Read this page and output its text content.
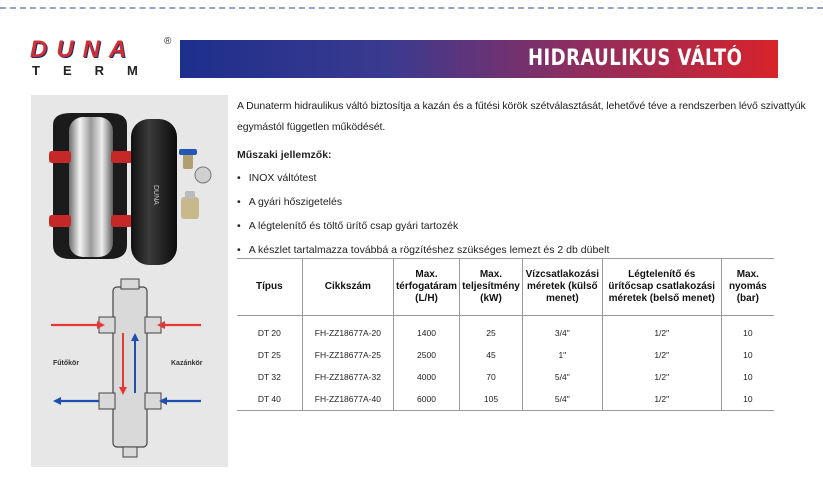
DUNA	®
TERM	HIDRAULIKUS VÁLTÓ
DUNA
Fűtőkör	Kazánkör

A Dunaterm hidraulikus váltó biztosítja a kazán és a fűtési körök szétválasztását, lehetővé téve a rendszerben lévő szivattyúk egymástól független működését.

Műszaki jellemzők:

• INOX váltótest
• A gyári hőszigetelés
• A légtelenítő és töltő ürítő csap gyári tartozék
• A készlet tartalmazza továbbá a rögzítéshez szükséges lemezt és 2 db dübelt
Típus	Cikkszám	Max. térfogatáram (L/H)	Max. teljesítmény (kW)	Vízcsatlakozási méretek (külső menet)	Légtelenítő és ürítőcsap csatlakozási méretek (belső menet)	Max. nyomás (bar)
DT 20	FH-ZZ18677A-20	1400	25	3/4"	1/2"	10
DT 25	FH-ZZ18677A-25	2500	45	1"	1/2"	10
DT 32	FH-ZZ18677A-32	4000	70	5/4"	1/2"	10
DT 40	FH-ZZ18677A-40	6000	105	5/4"	1/2"	10
